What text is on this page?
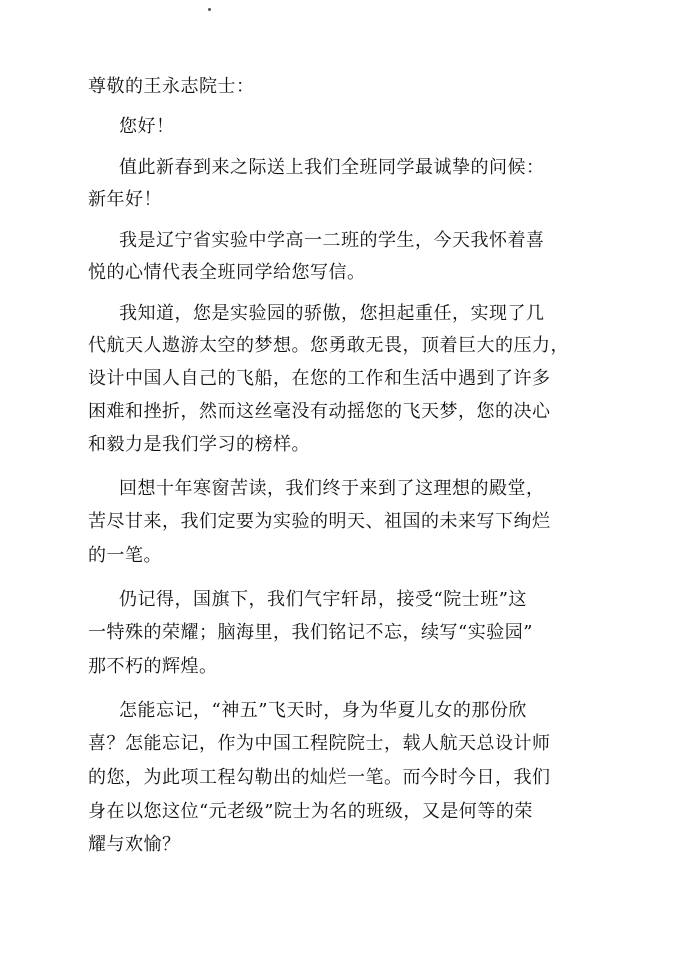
尊敬的王永志院士：
您好！
值此新春到来之际送上我们全班同学最诚挚的问候：
新年好！
我是辽宁省实验中学高一二班的学生，今天我怀着喜
悦的心情代表全班同学给您写信。
我知道，您是实验园的骄傲，您担起重任，实现了几
代航天人遨游太空的梦想。您勇敢无畏，顶着巨大的压力，
设计中国人自己的飞船，在您的工作和生活中遇到了许多
困难和挫折，然而这丝毫没有动摇您的飞天梦，您的决心
和毅力是我们学习的榜样。
回想十年寒窗苦读，我们终于来到了这理想的殿堂，
苦尽甘来，我们定要为实验的明天、祖国的未来写下绚烂
的一笔。
仍记得，国旗下，我们气宇轩昂，接受“院士班”这
一特殊的荣耀；脑海里，我们铭记不忘，续写“实验园”
那不朽的辉煌。
怎能忘记，“神五”飞天时，身为华夏儿女的那份欣
喜？怎能忘记，作为中国工程院院士，载人航天总设计师
的您，为此项工程勾勒出的灿烂一笔。而今时今日，我们
身在以您这位“元老级”院士为名的班级，又是何等的荣
耀与欢愉？
